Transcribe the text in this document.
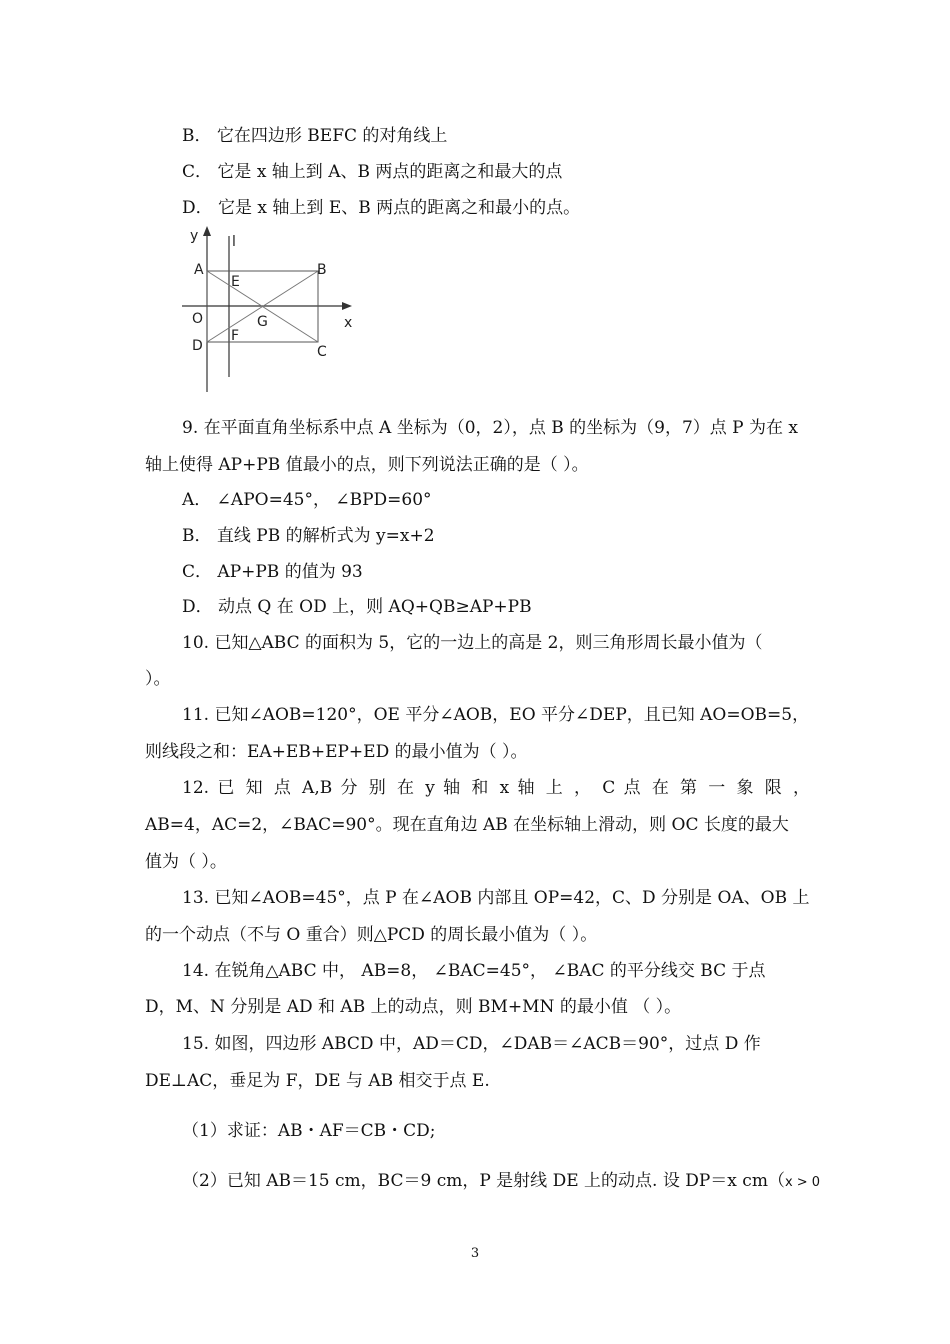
B． 它在四边形 BEFC 的对角线上
C． 它是 x 轴上到 A、B 两点的距离之和最大的点
D． 它是 x 轴上到 E、B 两点的距离之和最小的点。
y l
x
A	B
C
D
E
F
G
O
9. 在平面直角坐标系中点 A 坐标为（0，2），点 B 的坐标为（9，7）点 P 为在 x
轴上使得 AP+PB 值最小的点，则下列说法正确的是（ ）。
A． ∠APO=45°， ∠BPD=60°
B． 直线 PB 的解析式为 y=x+2
C． AP+PB 的值为 93
D． 动点 Q 在 OD 上，则 AQ+QB≥AP+PB
10. 已知△ABC 的面积为 5，它的一边上的高是 2，则三角形周长最小值为（
）。
11. 已知∠AOB=120°，OE 平分∠AOB，EO 平分∠DEP，且已知 AO=OB=5，
则线段之和：EA+EB+EP+ED 的最小值为（ ）。
12. 已 知 点 A,B 分 别 在 y 轴 和 x 轴 上 ， C 点 在 第 一 象 限 ，
AB=4，AC=2，∠BAC=90°。现在直角边 AB 在坐标轴上滑动，则 OC 长度的最大
值为（ ）。
13. 已知∠AOB=45°，点 P 在∠AOB 内部且 OP=42，C、D 分别是 OA、OB 上
的一个动点（不与 O 重合）则△PCD 的周长最小值为（ ）。
14. 在锐角△ABC 中， AB=8， ∠BAC=45°， ∠BAC 的平分线交 BC 于点
D，M、N 分别是 AD 和 AB 上的动点，则 BM+MN 的最小值 （ ）。
15. 如图，四边形 ABCD 中，AD＝CD，∠DAB＝∠ACB＝90°，过点 D 作
DE⊥AC，垂足为 F，DE 与 AB 相交于点 E.
（1）求证：AB・AF＝CB・CD;
（2）已知 AB＝15 cm，BC＝9 cm，P 是射线 DE 上的动点. 设 DP＝x cm（x > 0
3
